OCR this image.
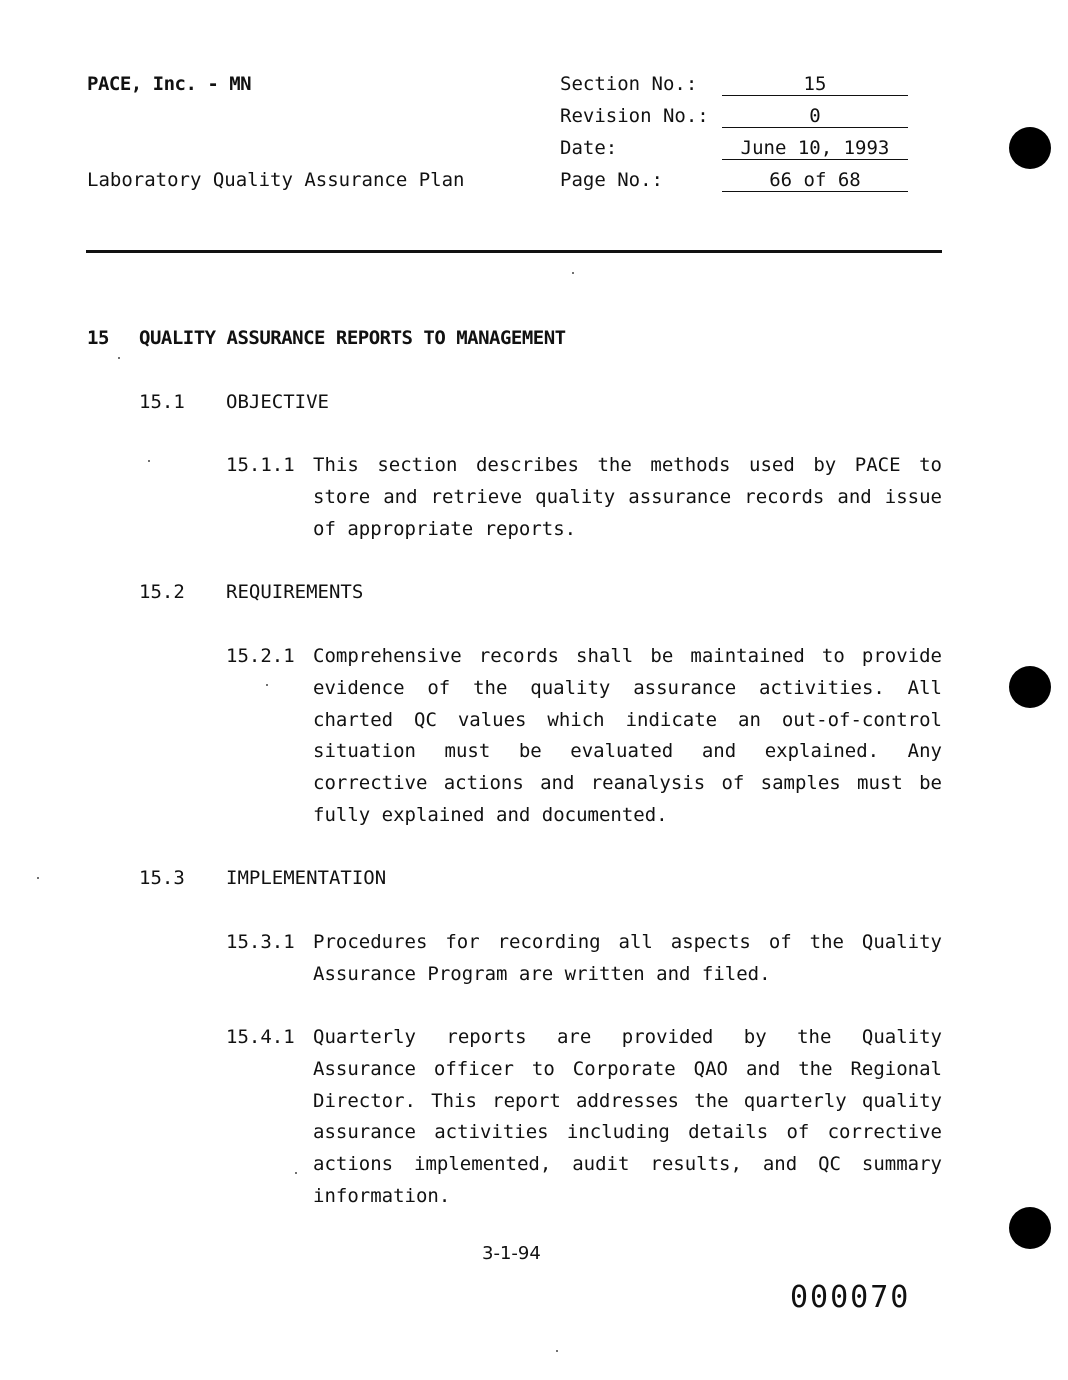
PACE, Inc. - MN
Laboratory Quality Assurance Plan
Section No.:	15
Revision No.:	0
Date:	June 10, 1993
Page No.:	66 of 68
15 QUALITY ASSURANCE REPORTS TO MANAGEMENT
15.1 OBJECTIVE
15.1.1 This section describes the methods used by PACE to store and retrieve quality assurance records and issue of appropriate reports.
15.2 REQUIREMENTS
15.2.1 Comprehensive records shall be maintained to provide evidence of the quality assurance activities. All charted QC values which indicate an out-of-control situation must be evaluated and explained. Any corrective actions and reanalysis of samples must be fully explained and documented.
15.3 IMPLEMENTATION
15.3.1 Procedures for recording all aspects of the Quality Assurance Program are written and filed.
15.4.1 Quarterly reports are provided by the Quality Assurance officer to Corporate QAO and the Regional Director. This report addresses the quarterly quality assurance activities including details of corrective actions implemented, audit results, and QC summary information.
3-1-94
000070
